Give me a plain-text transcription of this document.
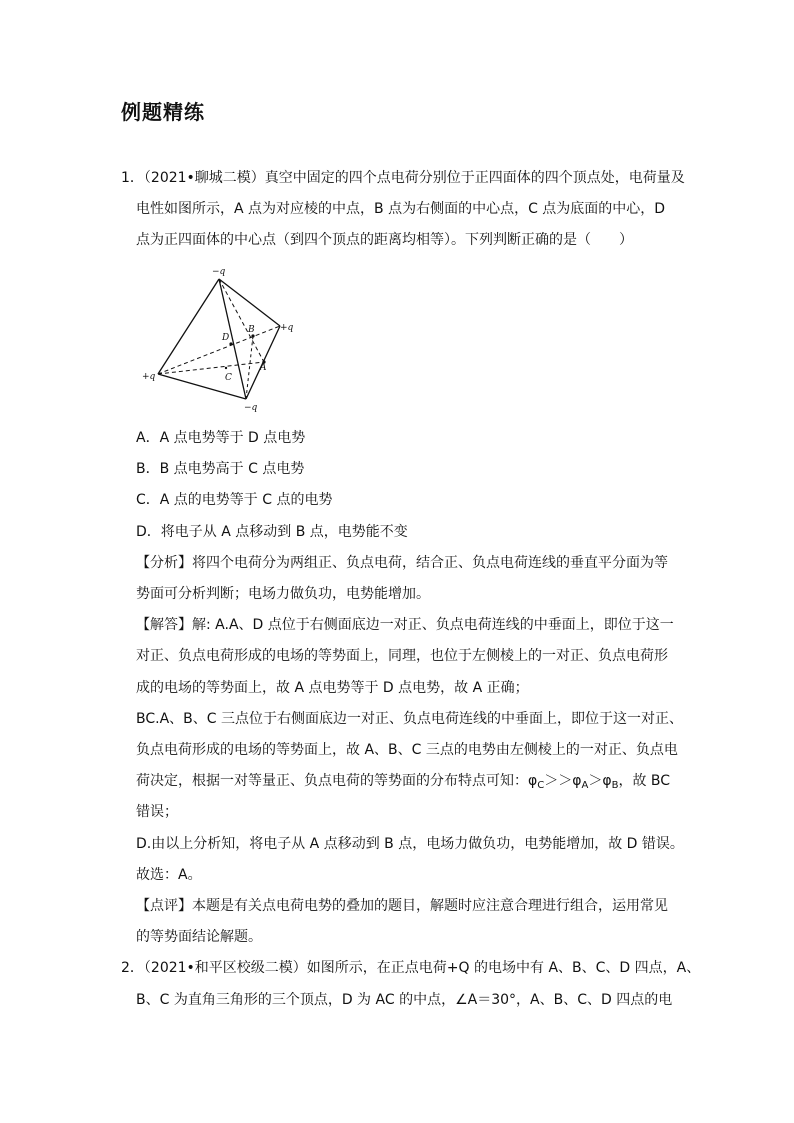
例题精练
1．（2021•聊城二模）真空中固定的四个点电荷分别位于正四面体的四个顶点处，电荷量及
电性如图所示，A 点为对应棱的中点，B 点为右侧面的中心点，C 点为底面的中心，D
点为正四面体的中心点（到四个顶点的距离均相等）。下列判断正确的是（　　）
−q
+q
+q
−q
D
B
A
C
A．A 点电势等于 D 点电势
B．B 点电势高于 C 点电势
C．A 点的电势等于 C 点的电势
D．将电子从 A 点移动到 B 点，电势能不变
【分析】将四个电荷分为两组正、负点电荷，结合正、负点电荷连线的垂直平分面为等
势面可分析判断；电场力做负功，电势能增加。
【解答】解: A.A、D 点位于右侧面底边一对正、负点电荷连线的中垂面上，即位于这一
对正、负点电荷形成的电场的等势面上，同理，也位于左侧棱上的一对正、负点电荷形
成的电场的等势面上，故 A 点电势等于 D 点电势，故 A 正确；
BC.A、B、C 三点位于右侧面底边一对正、负点电荷连线的中垂面上，即位于这一对正、
负点电荷形成的电场的等势面上，故 A、B、C 三点的电势由左侧棱上的一对正、负点电
荷决定，根据一对等量正、负点电荷的等势面的分布特点可知：$\varphi_C>>\varphi_A>\varphi_B$，故 BC
错误；
D.由以上分析知，将电子从 A 点移动到 B 点，电场力做负功，电势能增加，故 D 错误。
故选：A。
【点评】本题是有关点电荷电势的叠加的题目，解题时应注意合理进行组合，运用常见
的等势面结论解题。
2．（2021•和平区校级二模）如图所示，在正点电荷+Q 的电场中有 A、B、C、D 四点，A、
B、C 为直角三角形的三个顶点，D 为 AC 的中点，∠A＝30°，A、B、C、D 四点的电
